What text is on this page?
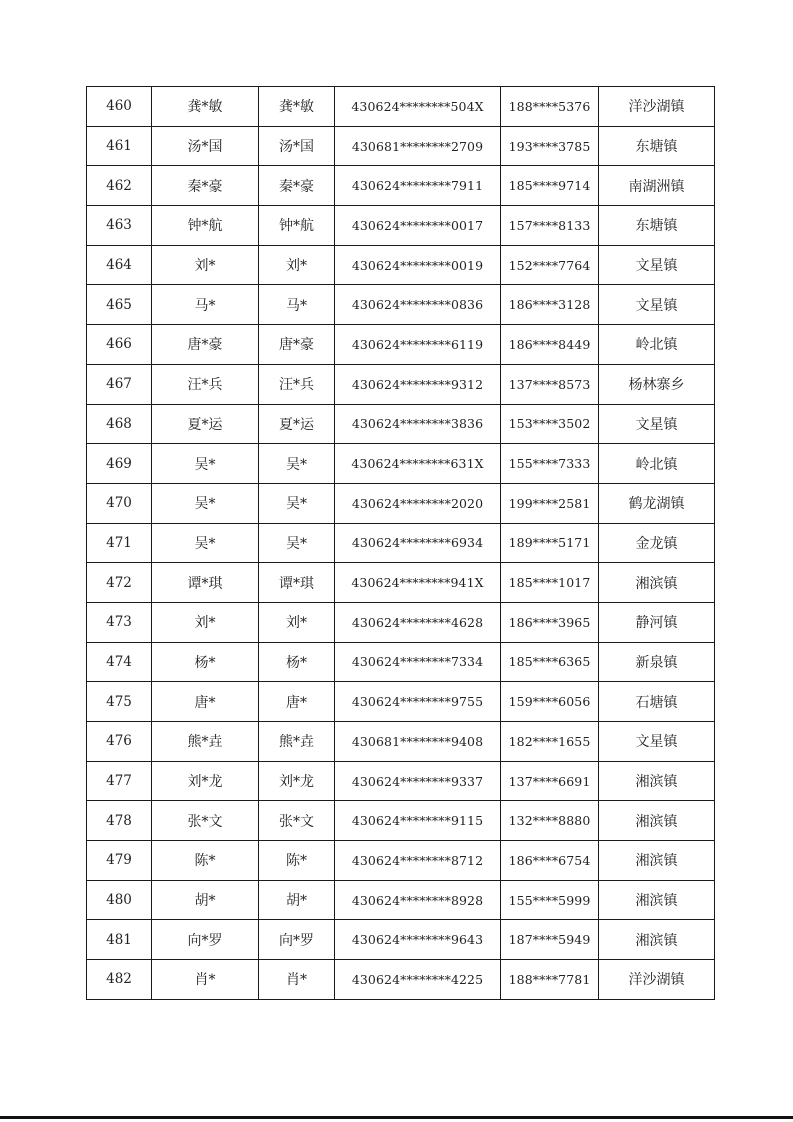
460	龚*敏	龚*敏	430624********504X	188****5376	洋沙湖镇
461	汤*国	汤*国	430681********2709	193****3785	东塘镇
462	秦*豪	秦*豪	430624********7911	185****9714	南湖洲镇
463	钟*航	钟*航	430624********0017	157****8133	东塘镇
464	刘*	刘*	430624********0019	152****7764	文星镇
465	马*	马*	430624********0836	186****3128	文星镇
466	唐*豪	唐*豪	430624********6119	186****8449	岭北镇
467	汪*兵	汪*兵	430624********9312	137****8573	杨林寨乡
468	夏*运	夏*运	430624********3836	153****3502	文星镇
469	吴*	吴*	430624********631X	155****7333	岭北镇
470	吴*	吴*	430624********2020	199****2581	鹤龙湖镇
471	吴*	吴*	430624********6934	189****5171	金龙镇
472	谭*琪	谭*琪	430624********941X	185****1017	湘滨镇
473	刘*	刘*	430624********4628	186****3965	静河镇
474	杨*	杨*	430624********7334	185****6365	新泉镇
475	唐*	唐*	430624********9755	159****6056	石塘镇
476	熊*垚	熊*垚	430681********9408	182****1655	文星镇
477	刘*龙	刘*龙	430624********9337	137****6691	湘滨镇
478	张*文	张*文	430624********9115	132****8880	湘滨镇
479	陈*	陈*	430624********8712	186****6754	湘滨镇
480	胡*	胡*	430624********8928	155****5999	湘滨镇
481	向*罗	向*罗	430624********9643	187****5949	湘滨镇
482	肖*	肖*	430624********4225	188****7781	洋沙湖镇
